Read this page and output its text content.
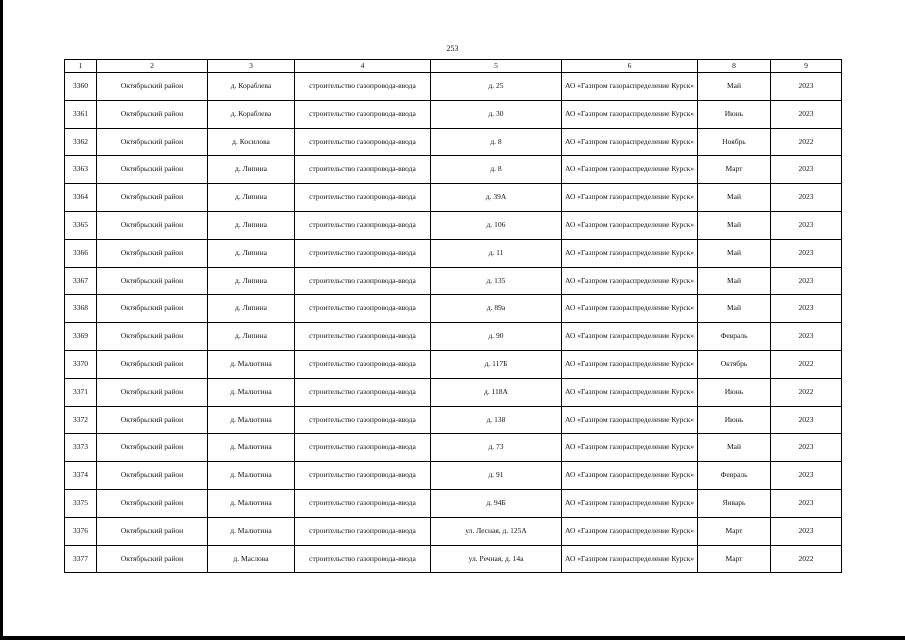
253
1	2	3	4	5	6	8	9
3360	Октябрьский район	д. Кораблева	строительство газопровода-ввода	д. 25	АО «Газпром газораспределение Курск»	Май	2023
3361	Октябрьский район	д. Кораблева	строительство газопровода-ввода	д. 30	АО «Газпром газораспределение Курск»	Июнь	2023
3362	Октябрьский район	д. Косилова	строительство газопровода-ввода	д. 8	АО «Газпром газораспределение Курск»	Ноябрь	2022
3363	Октябрьский район	д. Липина	строительство газопровода-ввода	д. 8	АО «Газпром газораспределение Курск»	Март	2023
3364	Октябрьский район	д. Липина	строительство газопровода-ввода	д. 39А	АО «Газпром газораспределение Курск»	Май	2023
3365	Октябрьский район	д. Липина	строительство газопровода-ввода	д. 106	АО «Газпром газораспределение Курск»	Май	2023
3366	Октябрьский район	д. Липина	строительство газопровода-ввода	д. 11	АО «Газпром газораспределение Курск»	Май	2023
3367	Октябрьский район	д. Липина	строительство газопровода-ввода	д. 135	АО «Газпром газораспределение Курск»	Май	2023
3368	Октябрьский район	д. Липина	строительство газопровода-ввода	д. 89а	АО «Газпром газораспределение Курск»	Май	2023
3369	Октябрьский район	д. Липина	строительство газопровода-ввода	д. 90	АО «Газпром газораспределение Курск»	Февраль	2023
3370	Октябрьский район	д. Малютина	строительство газопровода-ввода	д. 117Б	АО «Газпром газораспределение Курск»	Октябрь	2022
3371	Октябрьский район	д. Малютина	строительство газопровода-ввода	д. 118А	АО «Газпром газораспределение Курск»	Июнь	2022
3372	Октябрьский район	д. Малютина	строительство газопровода-ввода	д. 138	АО «Газпром газораспределение Курск»	Июнь	2023
3373	Октябрьский район	д. Малютина	строительство газопровода-ввода	д. 73	АО «Газпром газораспределение Курск»	Май	2023
3374	Октябрьский район	д. Малютина	строительство газопровода-ввода	д. 91	АО «Газпром газораспределение Курск»	Февраль	2023
3375	Октябрьский район	д. Малютина	строительство газопровода-ввода	д. 94Б	АО «Газпром газораспределение Курск»	Январь	2023
3376	Октябрьский район	д. Малютина	строительство газопровода-ввода	ул. Лесная, д. 125А	АО «Газпром газораспределение Курск»	Март	2023
3377	Октябрьский район	д. Маслова	строительство газопровода-ввода	ул. Речная, д. 14а	АО «Газпром газораспределение Курск»	Март	2022
